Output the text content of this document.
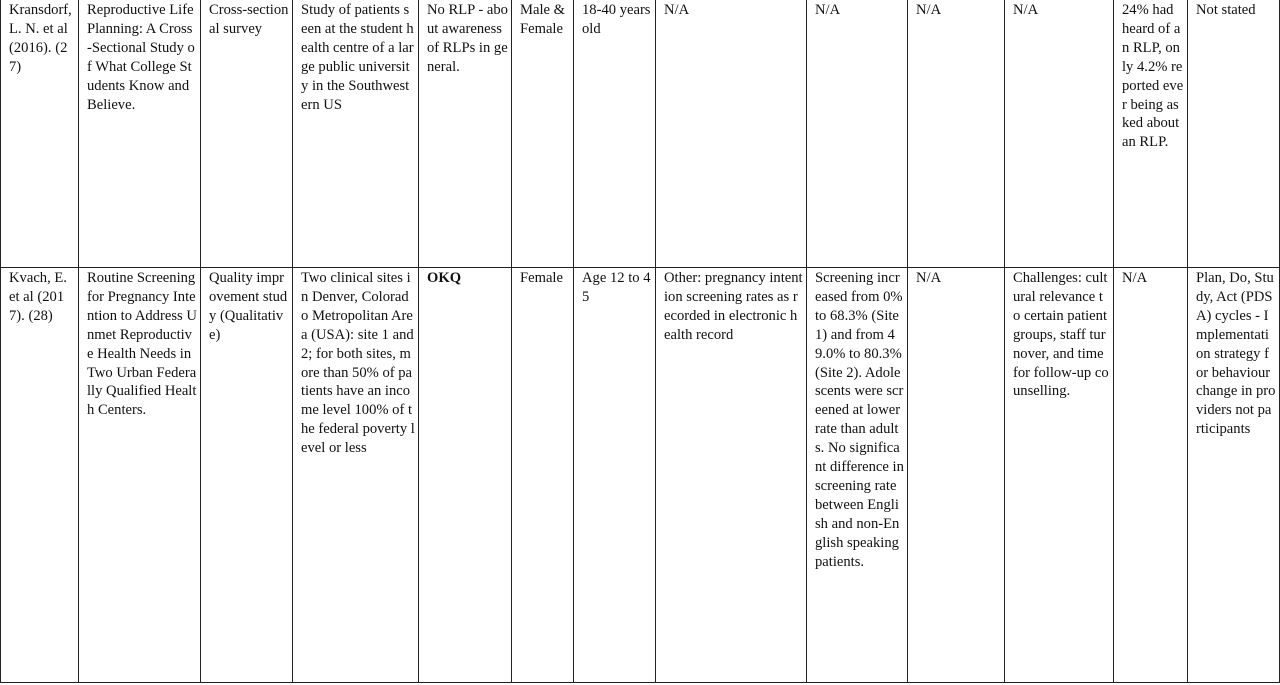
Kransdorf, L. N. et al (2016). (27)	Reproductive Life Planning: A Cross-Sectional Study of What College Students Know and Believe.	Cross-sectional survey	Study of patients seen at the student health centre of a large public university in the Southwestern US	No RLP - about awareness of RLPs in general.	Male & Female	18-40 years old	N/A	N/A	N/A	N/A	24% had heard of an RLP, only 4.2% reported ever being asked about an RLP.	Not stated
Kvach, E. et al (2017). (28)	Routine Screening for Pregnancy Intention to Address Unmet Reproductive Health Needs in Two Urban Federally Qualified Health Centers.	Quality improvement study (Qualitative)	Two clinical sites in Denver, Colorado Metropolitan Area (USA): site 1 and 2; for both sites, more than 50% of patients have an income level 100% of the federal poverty level or less	OKQ	Female	Age 12 to 45	Other: pregnancy intention screening rates as recorded in electronic health record	Screening increased from 0% to 68.3% (Site 1) and from 49.0% to 80.3% (Site 2). Adolescents were screened at lower rate than adults. No significant difference in screening rate between English and non-English speaking patients.	N/A	Challenges: cultural relevance to certain patient groups, staff turnover, and time for follow-up counselling.	N/A	Plan, Do, Study, Act (PDSA) cycles - Implementation strategy for behaviour change in providers not participants
